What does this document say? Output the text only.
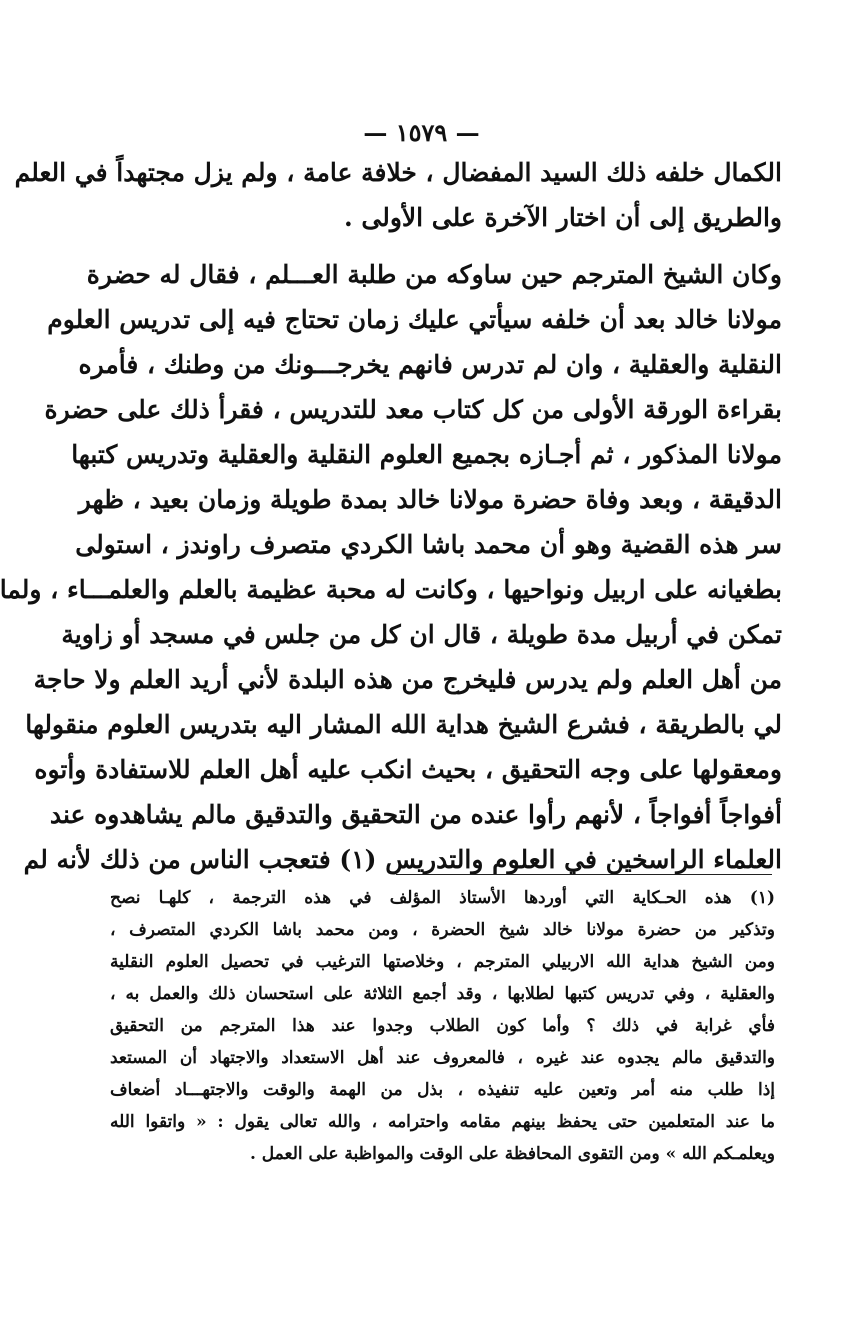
— ١٥٧٩ —
الكمال خلفه ذلك السيد المفضال ، خلافة عامة ، ولم يزل مجتهداً في العلم
والطريق إلى أن اختار الآخرة على الأولى .
وكان الشيخ المترجم حين ساوكه من طلبة العـــلم ، فقال له حضرة
مولانا خالد بعد أن خلفه سيأتي عليك زمان تحتاج فيه إلى تدريس العلوم
النقلية والعقلية ، وان لم تدرس فانهم يخرجـــونك من وطنك ، فأمره
بقراءة الورقة الأولى من كل كتاب معد للتدريس ، فقرأ ذلك على حضرة
مولانا المذكور ، ثم أجـازه بجميع العلوم النقلية والعقلية وتدريس كتبها
الدقيقة ، وبعد وفاة حضرة مولانا خالد بمدة طويلة وزمان بعيد ، ظهر
سر هذه القضية وهو أن محمد باشا الكردي متصرف راوندز ، استولى
بطغيانه على اربيل ونواحيها ، وكانت له محبة عظيمة بالعلم والعلمـــاء ، ولما
تمكن في أربيل مدة طويلة ، قال ان كل من جلس في مسجد أو زاوية
من أهل العلم ولم يدرس فليخرج من هذه البلدة لأني أريد العلم ولا حاجة
لي بالطريقة ، فشرع الشيخ هداية الله المشار اليه بتدريس العلوم منقولها
ومعقولها على وجه التحقيق ، بحيث انكب عليه أهل العلم للاستفادة وأتوه
أفواجاً أفواجاً ، لأنهم رأوا عنده من التحقيق والتدقيق مالم يشاهدوه عند
العلماء الراسخين في العلوم والتدريس (١) فتعجب الناس من ذلك لأنه لم
(١) هذه الحـكاية التي أوردها الأستاذ المؤلف في هذه الترجمة ، كلهـا نصح
وتذكير من حضرة مولانا خالد شيخ الحضرة ، ومن محمد باشا الكردي المتصرف ،
ومن الشيخ هداية الله الاربيلي المترجم ، وخلاصتها الترغيب في تحصيل العلوم النقلية
والعقلية ، وفي تدريس كتبها لطلابها ، وقد أجمع الثلاثة على استحسان ذلك والعمل به ،
فأي غرابة في ذلك ؟ وأما كون الطلاب وجدوا عند هذا المترجم من التحقيق
والتدقيق مالم يجدوه عند غيره ، فالمعروف عند أهل الاستعداد والاجتهاد أن المستعد
إذا طلب منه أمر وتعين عليه تنفيذه ، بذل من الهمة والوقت والاجتهـــاد أضعاف
ما عند المتعلمين حتى يحفظ بينهم مقامه واحترامه ، والله تعالى يقول : « واتقوا الله
ويعلمـكم الله » ومن التقوى المحافظة على الوقت والمواظبة على العمل .
